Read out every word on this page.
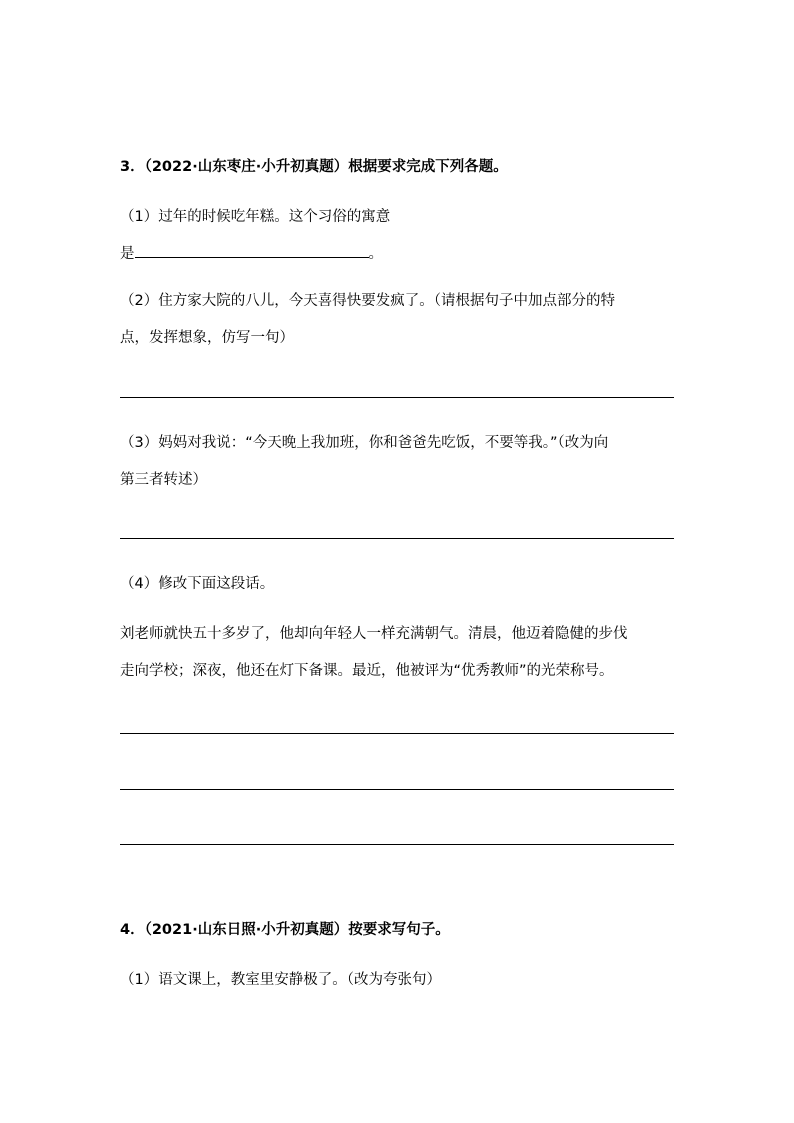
3．（2022·山东枣庄·小升初真题）根据要求完成下列各题。
（1）过年的时候吃年糕。这个习俗的寓意
是	。
（2）住方家大院的八儿，今天喜得快要发疯了。（请根据句子中加点部分的特
点，发挥想象，仿写一句）
（3）妈妈对我说：“今天晚上我加班，你和爸爸先吃饭，不要等我。”（改为向
第三者转述）
（4）修改下面这段话。
刘老师就快五十多岁了，他却向年轻人一样充满朝气。清晨，他迈着隐健的步伐
走向学校；深夜，他还在灯下备课。最近，他被评为“优秀教师”的光荣称号。
4．（2021·山东日照·小升初真题）按要求写句子。
（1）语文课上，教室里安静极了。（改为夸张句）
